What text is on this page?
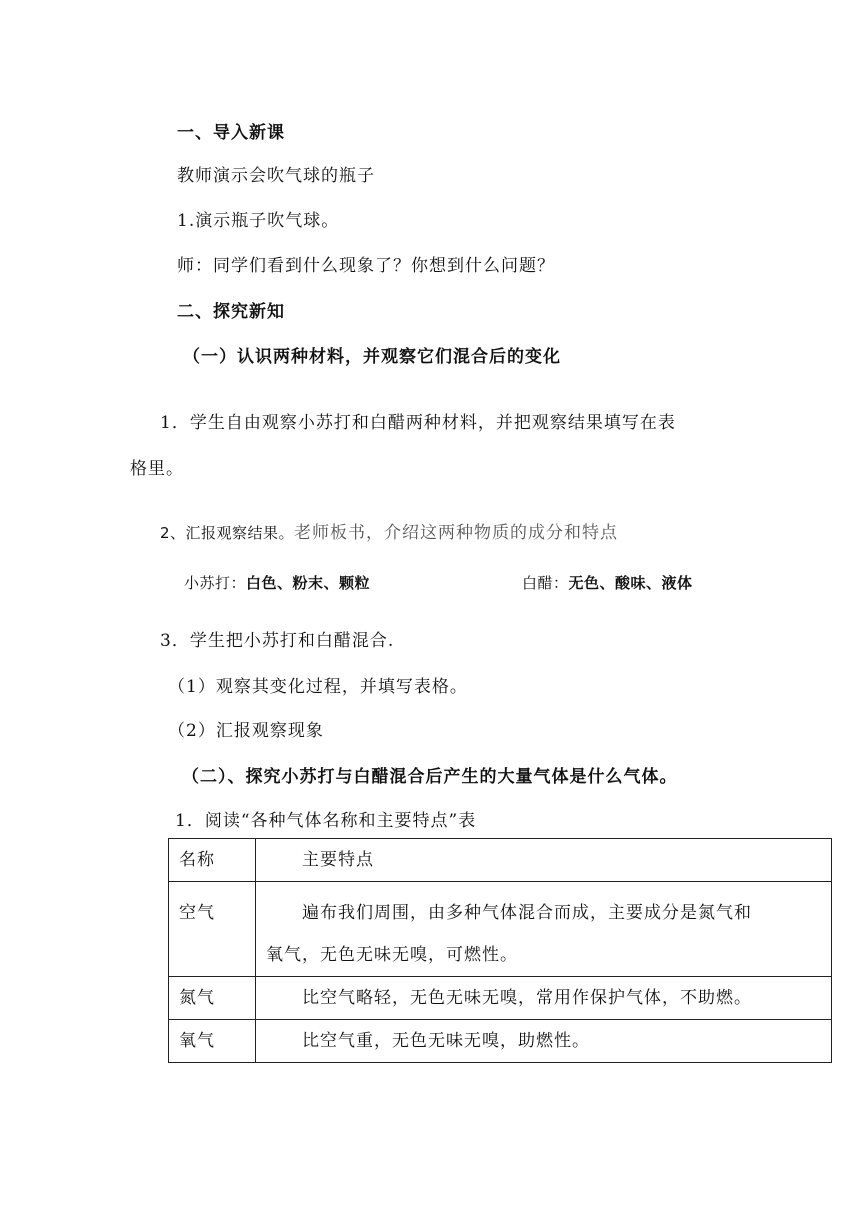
一、导入新课
教师演示会吹气球的瓶子
1.演示瓶子吹气球。
师：同学们看到什么现象了？你想到什么问题？
二、探究新知
（一）认识两种材料，并观察它们混合后的变化
1．学生自由观察小苏打和白醋两种材料，并把观察结果填写在表
格里。
2、汇报观察结果。老师板书，介绍这两种物质的成分和特点
小苏打：白色、粉末、颗粒	白醋：无色、酸味、液体
3．学生把小苏打和白醋混合.
（1）观察其变化过程，并填写表格。
（2）汇报观察现象
（二）、探究小苏打与白醋混合后产生的大量气体是什么气体。
1．阅读“各种气体名称和主要特点”表
名称	主要特点
空气	遍布我们周围，由多种气体混合而成，主要成分是氮气和
氧气，无色无味无嗅，可燃性。
氮气	比空气略轻，无色无味无嗅，常用作保护气体，不助燃。
氧气	比空气重，无色无味无嗅，助燃性。
